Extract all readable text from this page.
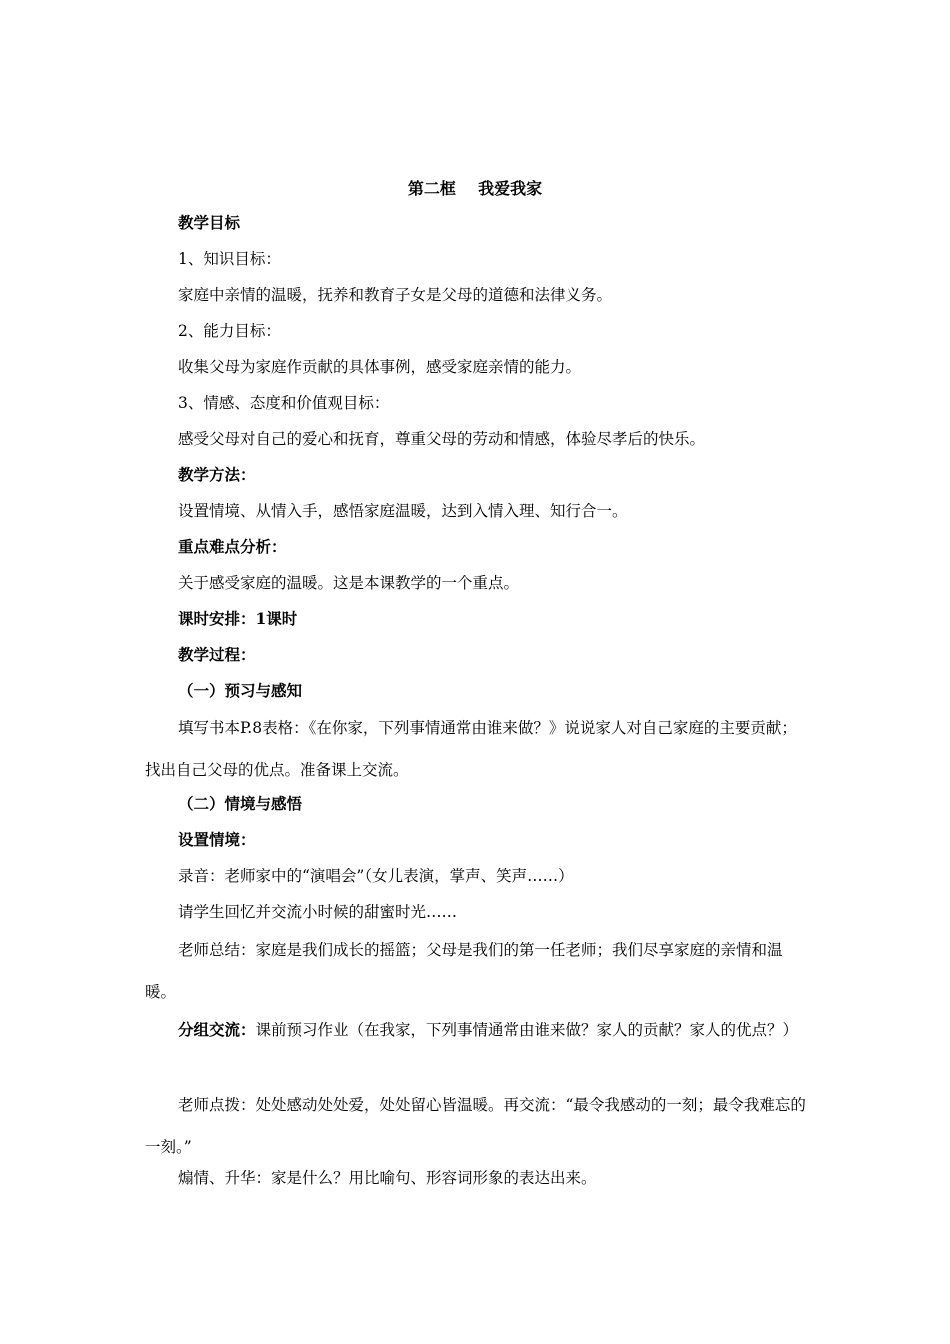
第二框    我爱我家
教学目标
1、知识目标：
家庭中亲情的温暖，抚养和教育子女是父母的道德和法律义务。
2、能力目标：
收集父母为家庭作贡献的具体事例，感受家庭亲情的能力。
3、情感、态度和价值观目标：
感受父母对自己的爱心和抚育，尊重父母的劳动和情感，体验尽孝后的快乐。
教学方法：
设置情境、从情入手，感悟家庭温暖，达到入情入理、知行合一。
重点难点分析：
关于感受家庭的温暖。这是本课教学的一个重点。
课时安排：1课时
教学过程：
（一）预习与感知
填写书本P.8表格：《在你家，下列事情通常由谁来做？》说说家人对自己家庭的主要贡献；找出自己父母的优点。准备课上交流。
（二）情境与感悟
设置情境：
录音：老师家中的“演唱会”（女儿表演，掌声、笑声……）
请学生回忆并交流小时候的甜蜜时光……
老师总结：家庭是我们成长的摇篮；父母是我们的第一任老师；我们尽享家庭的亲情和温暖。
分组交流：课前预习作业（在我家，下列事情通常由谁来做？家人的贡献？家人的优点？）
老师点拨：处处感动处处爱，处处留心皆温暖。再交流：“最令我感动的一刻；最令我难忘的一刻。”
煽情、升华：家是什么？用比喻句、形容词形象的表达出来。
